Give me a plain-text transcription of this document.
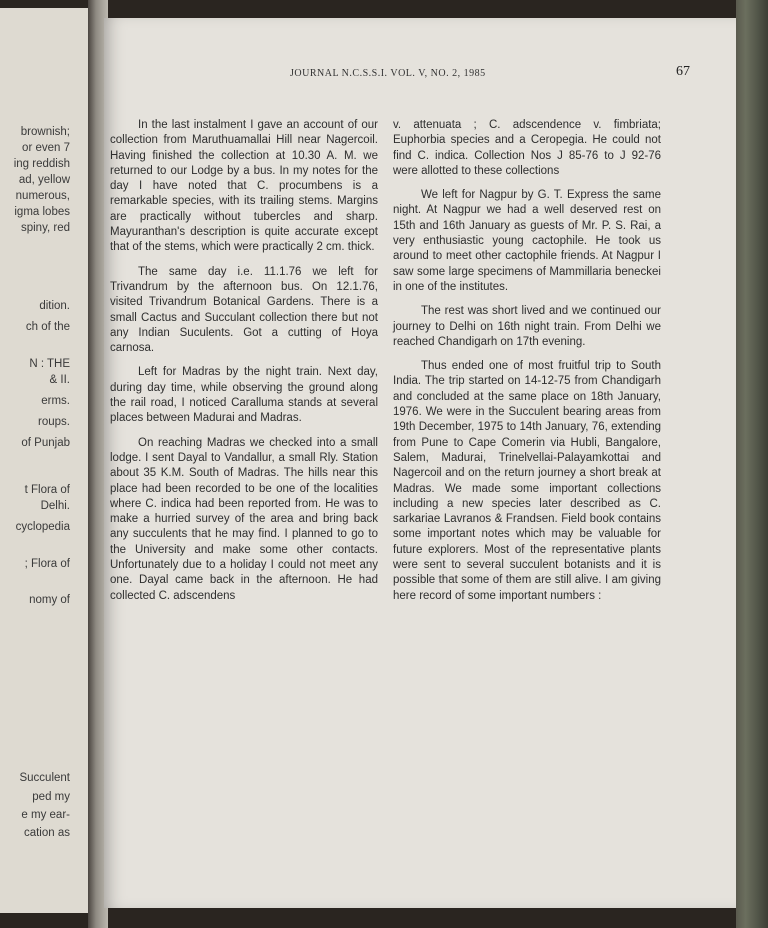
brownish;
or even 7
ing reddish
ad, yellow
numerous,
igma lobes
spiny, red
dition.
ch of the
N : THE
& II.
erms.
roups.
of Punjab
t Flora of
Delhi.
cyclopedia
; Flora of
nomy of
Succulent
ped my
e my ear-
cation as
JOURNAL N.C.S.S.I. VOL. V, NO. 2, 1985	67

In the last instalment I gave an account of our collection from Maruthuamallai Hill near Nagercoil. Having finished the collection at 10.30 A. M. we returned to our Lodge by a bus. In my notes for the day I have noted that C. procumbens is a remarkable species, with its trailing stems. Margins are practically without tubercles and sharp. Mayuranthan's description is quite accurate except that of the stems, which were practically 2 cm. thick.

The same day i.e. 11.1.76 we left for Trivandrum by the afternoon bus. On 12.1.76, visited Trivandrum Botanical Gardens. There is a small Cactus and Succulant collection there but not any Indian Suculents. Got a cutting of Hoya carnosa.

Left for Madras by the night train. Next day, during day time, while observing the ground along the rail road, I noticed Caralluma stands at several places between Madurai and Madras.

On reaching Madras we checked into a small lodge. I sent Dayal to Vandallur, a small Rly. Station about 35 K.M. South of Madras. The hills near this place had been recorded to be one of the localities where C. indica had been reported from. He was to make a hurried survey of the area and bring back any succulents that he may find. I planned to go to the University and make some other contacts. Unfortunately due to a holiday I could not meet any one. Dayal came back in the afternoon. He had collected C. adscendens

v. attenuata ; C. adscendence v. fimbriata; Euphorbia species and a Ceropegia. He could not find C. indica. Collection Nos J 85-76 to J 92-76 were allotted to these collections

We left for Nagpur by G. T. Express the same night. At Nagpur we had a well deserved rest on 15th and 16th January as guests of Mr. P. S. Rai, a very enthusiastic young cactophile. He took us around to meet other cactophile friends. At Nagpur I saw some large specimens of Mammillaria beneckei in one of the institutes.

The rest was short lived and we continued our journey to Delhi on 16th night train. From Delhi we reached Chandigarh on 17th evening.

Thus ended one of most fruitful trip to South India. The trip started on 14-12-75 from Chandigarh and concluded at the same place on 18th January, 1976. We were in the Succulent bearing areas from 19th December, 1975 to 14th January, 76, extending from Pune to Cape Comerin via Hubli, Bangalore, Salem, Madurai, Trinelvellai-Palayamkottai and Nagercoil and on the return journey a short break at Madras. We made some important collections including a new species later described as C. sarkariae Lavranos & Frandsen. Field book contains some important notes which may be valuable for future explorers. Most of the representative plants were sent to several succulent botanists and it is possible that some of them are still alive. I am giving here record of some important numbers :
